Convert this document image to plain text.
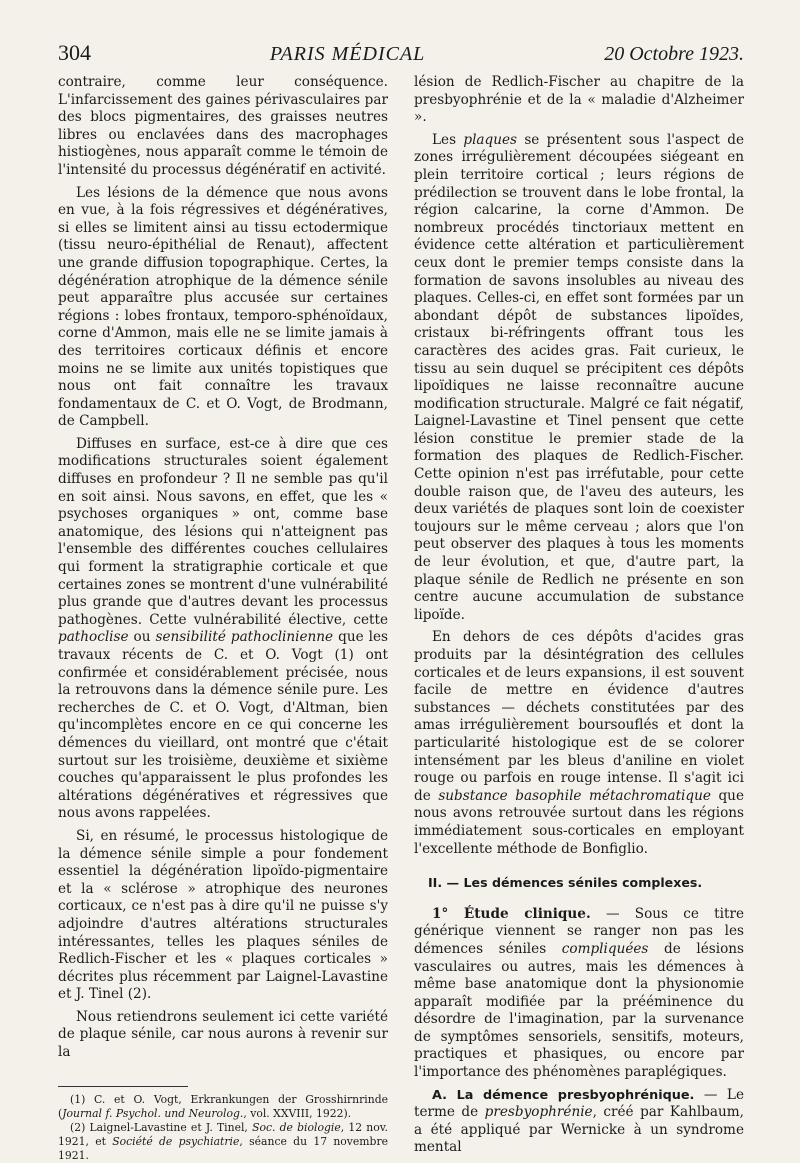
304	PARIS MÉDICAL	20 Octobre 1923.

contraire, comme leur conséquence. L'infarcissement des gaines périvasculaires par des blocs pigmentaires, des graisses neutres libres ou enclavées dans des macrophages histiogènes, nous apparaît comme le témoin de l'intensité du processus dégénératif en activité.

Les lésions de la démence que nous avons en vue, à la fois régressives et dégénératives, si elles se limitent ainsi au tissu ectodermique (tissu neuro-épithélial de Renaut), affectent une grande diffusion topographique. Certes, la dégénération atrophique de la démence sénile peut apparaître plus accusée sur certaines régions : lobes frontaux, temporo-sphénoïdaux, corne d'Ammon, mais elle ne se limite jamais à des territoires corticaux définis et encore moins ne se limite aux unités topistiques que nous ont fait connaître les travaux fondamentaux de C. et O. Vogt, de Brodmann, de Campbell.

Diffuses en surface, est-ce à dire que ces modifications structurales soient également diffuses en profondeur ? Il ne semble pas qu'il en soit ainsi. Nous savons, en effet, que les « psychoses organiques » ont, comme base anatomique, des lésions qui n'atteignent pas l'ensemble des différentes couches cellulaires qui forment la stratigraphie corticale et que certaines zones se montrent d'une vulnérabilité plus grande que d'autres devant les processus pathogènes. Cette vulnérabilité élective, cette pathoclise ou sensibilité pathoclinienne que les travaux récents de C. et O. Vogt (1) ont confirmée et considérablement précisée, nous la retrouvons dans la démence sénile pure. Les recherches de C. et O. Vogt, d'Altman, bien qu'incomplètes encore en ce qui concerne les démences du vieillard, ont montré que c'était surtout sur les troisième, deuxième et sixième couches qu'apparaissent le plus profondes les altérations dégénératives et régressives que nous avons rappelées.

Si, en résumé, le processus histologique de la démence sénile simple a pour fondement essentiel la dégénération lipoïdo-pigmentaire et la « sclérose » atrophique des neurones corticaux, ce n'est pas à dire qu'il ne puisse s'y adjoindre d'autres altérations structurales intéressantes, telles les plaques séniles de Redlich-Fischer et les « plaques corticales » décrites plus récemment par Laignel-Lavastine et J. Tinel (2).

Nous retiendrons seulement ici cette variété de plaque sénile, car nous aurons à revenir sur la

(1) C. et O. Vogt, Erkrankungen der Grosshirnrinde (Journal f. Psychol. und Neurolog., vol. XXVIII, 1922).

(2) Laignel-Lavastine et J. Tinel, Soc. de biologie, 12 nov. 1921, et Société de psychiatrie, séance du 17 novembre 1921.

lésion de Redlich-Fischer au chapitre de la presbyophrénie et de la « maladie d'Alzheimer ».

Les plaques se présentent sous l'aspect de zones irrégulièrement découpées siégeant en plein territoire cortical ; leurs régions de prédilection se trouvent dans le lobe frontal, la région calcarine, la corne d'Ammon. De nombreux procédés tinctoriaux mettent en évidence cette altération et particulièrement ceux dont le premier temps consiste dans la formation de savons insolubles au niveau des plaques. Celles-ci, en effet sont formées par un abondant dépôt de substances lipoïdes, cristaux bi-réfringents offrant tous les caractères des acides gras. Fait curieux, le tissu au sein duquel se précipitent ces dépôts lipoïdiques ne laisse reconnaître aucune modification structurale. Malgré ce fait négatif, Laignel-Lavastine et Tinel pensent que cette lésion constitue le premier stade de la formation des plaques de Redlich-Fischer. Cette opinion n'est pas irréfutable, pour cette double raison que, de l'aveu des auteurs, les deux variétés de plaques sont loin de coexister toujours sur le même cerveau ; alors que l'on peut observer des plaques à tous les moments de leur évolution, et que, d'autre part, la plaque sénile de Redlich ne présente en son centre aucune accumulation de substance lipoïde.

En dehors de ces dépôts d'acides gras produits par la désintégration des cellules corticales et de leurs expansions, il est souvent facile de mettre en évidence d'autres substances — déchets constitutées par des amas irrégulièrement boursouflés et dont la particularité histologique est de se colorer intensément par les bleus d'aniline en violet rouge ou parfois en rouge intense. Il s'agit ici de substance basophile métachromatique que nous avons retrouvée surtout dans les régions immédiatement sous-corticales en employant l'excellente méthode de Bonfiglio.

II. — Les démences séniles complexes.

1° Étude clinique. — Sous ce titre générique viennent se ranger non pas les démences séniles compliquées de lésions vasculaires ou autres, mais les démences à même base anatomique dont la physionomie apparaît modifiée par la prééminence du désordre de l'imagination, par la survenance de symptômes sensoriels, sensitifs, moteurs, practiques et phasiques, ou encore par l'importance des phénomènes paraplégiques.

A. La démence presbyophrénique. — Le terme de presbyophrénie, créé par Kahlbaum, a été appliqué par Wernicke à un syndrome mental
